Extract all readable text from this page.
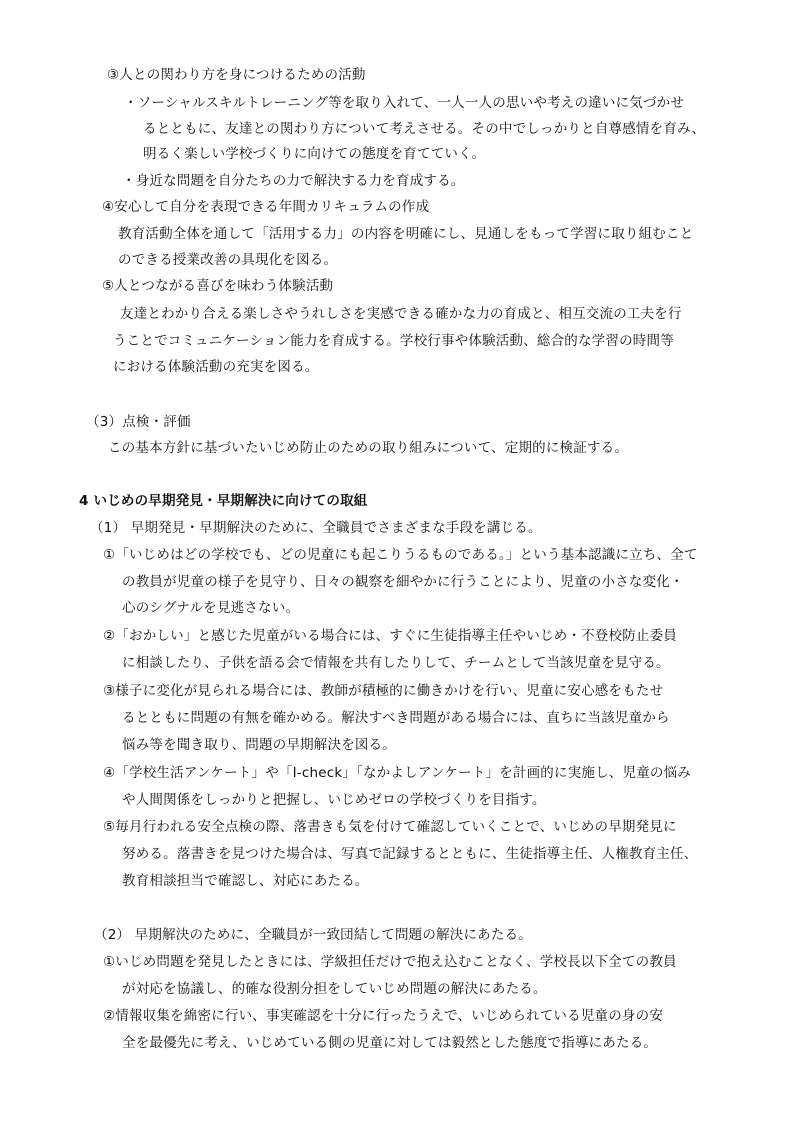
③人との関わり方を身につけるための活動

・ソーシャルスキルトレーニング等を取り入れて、一人一人の思いや考えの違いに気づかせ

るとともに、友達との関わり方について考えさせる。その中でしっかりと自尊感情を育み、

明るく楽しい学校づくりに向けての態度を育てていく。

・身近な問題を自分たちの力で解決する力を育成する。

④安心して自分を表現できる年間カリキュラムの作成

教育活動全体を通して「活用する力」の内容を明確にし、見通しをもって学習に取り組むこと

のできる授業改善の具現化を図る。

⑤人とつながる喜びを味わう体験活動

友達とわかり合える楽しさやうれしさを実感できる確かな力の育成と、相互交流の工夫を行

うことでコミュニケーション能力を育成する。学校行事や体験活動、総合的な学習の時間等

における体験活動の充実を図る。

（3）点検・評価

この基本方針に基づいたいじめ防止のための取り組みについて、定期的に検証する。

4 いじめの早期発見・早期解決に向けての取組

（1） 早期発見・早期解決のために、全職員でさまざまな手段を講じる。

①「いじめはどの学校でも、どの児童にも起こりうるものである。」という基本認識に立ち、全て

の教員が児童の様子を見守り、日々の観察を細やかに行うことにより、児童の小さな変化・

心のシグナルを見逃さない。

②「おかしい」と感じた児童がいる場合には、すぐに生徒指導主任やいじめ・不登校防止委員

に相談したり、子供を語る会で情報を共有したりして、チームとして当該児童を見守る。

③様子に変化が見られる場合には、教師が積極的に働きかけを行い、児童に安心感をもたせ

るとともに問題の有無を確かめる。解決すべき問題がある場合には、直ちに当該児童から

悩み等を聞き取り、問題の早期解決を図る。

④「学校生活アンケート」や「I-check」「なかよしアンケート」を計画的に実施し、児童の悩み

や人間関係をしっかりと把握し、いじめゼロの学校づくりを目指す。

⑤毎月行われる安全点検の際、落書きも気を付けて確認していくことで、いじめの早期発見に

努める。落書きを見つけた場合は、写真で記録するとともに、生徒指導主任、人権教育主任、

教育相談担当で確認し、対応にあたる。

（2） 早期解決のために、全職員が一致団結して問題の解決にあたる。

①いじめ問題を発見したときには、学級担任だけで抱え込むことなく、学校長以下全ての教員

が対応を協議し、的確な役割分担をしていじめ問題の解決にあたる。

②情報収集を綿密に行い、事実確認を十分に行ったうえで、いじめられている児童の身の安

全を最優先に考え、いじめている側の児童に対しては毅然とした態度で指導にあたる。
